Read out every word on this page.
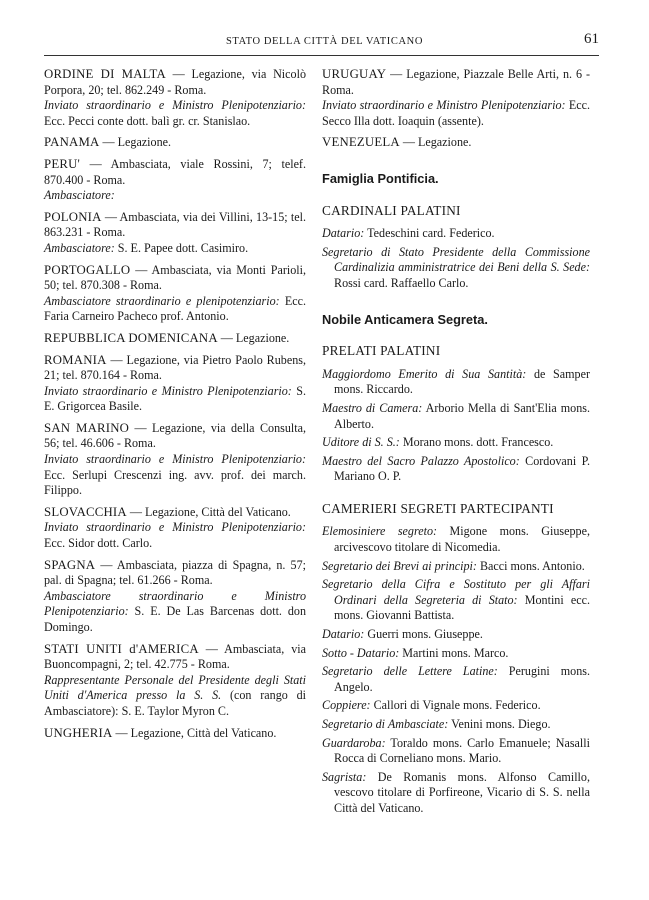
STATO DELLA CITTÀ DEL VATICANO	61
ORDINE DI MALTA — Legazione, via Nicolò Porpora, 20; tel. 862.249 - Roma.
Inviato straordinario e Ministro Plenipotenziario: Ecc. Pecci conte dott. balì gr. cr. Stanislao.
PANAMA — Legazione.
PERU' — Ambasciata, viale Rossini, 7; telef. 870.400 - Roma.
Ambasciatore:
POLONIA — Ambasciata, via dei Villini, 13-15; tel. 863.231 - Roma.
Ambasciatore: S. E. Papee dott. Casimiro.
PORTOGALLO — Ambasciata, via Monti Parioli, 50; tel. 870.308 - Roma.
Ambasciatore straordinario e plenipotenziario: Ecc. Faria Carneiro Pacheco prof. Antonio.
REPUBBLICA DOMENICANA — Legazione.
ROMANIA — Legazione, via Pietro Paolo Rubens, 21; tel. 870.164 - Roma.
Inviato straordinario e Ministro Plenipotenziario: S. E. Grigorcea Basile.
SAN MARINO — Legazione, via della Consulta, 56; tel. 46.606 - Roma.
Inviato straordinario e Ministro Plenipotenziario: Ecc. Serlupi Crescenzi ing. avv. prof. dei march. Filippo.
SLOVACCHIA — Legazione, Città del Vaticano.
Inviato straordinario e Ministro Plenipotenziario: Ecc. Sidor dott. Carlo.
SPAGNA — Ambasciata, piazza di Spagna, n. 57; pal. di Spagna; tel. 61.266 - Roma.
Ambasciatore straordinario e Ministro Plenipotenziario: S. E. De Las Barcenas dott. don Domingo.
STATI UNITI d'AMERICA — Ambasciata, via Buoncompagni, 2; tel. 42.775 - Roma.
Rappresentante Personale del Presidente degli Stati Uniti d'America presso la S. S. (con rango di Ambasciatore): S. E. Taylor Myron C.
UNGHERIA — Legazione, Città del Vaticano.
URUGUAY — Legazione, Piazzale Belle Arti, n. 6 - Roma.
Inviato straordinario e Ministro Plenipotenziario: Ecc. Secco Illa dott. Ioaquin (assente).
VENEZUELA — Legazione.
Famiglia Pontificia.
CARDINALI PALATINI
Datario: Tedeschini card. Federico.
Segretario di Stato Presidente della Commissione Cardinalizia amministratrice dei Beni della S. Sede: Rossi card. Raffaello Carlo.
Nobile Anticamera Segreta.
PRELATI PALATINI
Maggiordomo Emerito di Sua Santità: de Samper mons. Riccardo.
Maestro di Camera: Arborio Mella di Sant'Elia mons. Alberto.
Uditore di S. S.: Morano mons. dott. Francesco.
Maestro del Sacro Palazzo Apostolico: Cordovani P. Mariano O. P.
CAMERIERI SEGRETI PARTECIPANTI
Elemosiniere segreto: Migone mons. Giuseppe, arcivescovo titolare di Nicomedia.
Segretario dei Brevi ai principi: Bacci mons. Antonio.
Segretario della Cifra e Sostituto per gli Affari Ordinari della Segreteria di Stato: Montini ecc. mons. Giovanni Battista.
Datario: Guerri mons. Giuseppe.
Sotto - Datario: Martini mons. Marco.
Segretario delle Lettere Latine: Perugini mons. Angelo.
Coppiere: Callori di Vignale mons. Federico.
Segretario di Ambasciate: Venini mons. Diego.
Guardaroba: Toraldo mons. Carlo Emanuele; Nasalli Rocca di Corneliano mons. Mario.
Sagrista: De Romanis mons. Alfonso Camillo, vescovo titolare di Porfireone, Vicario di S. S. nella Città del Vaticano.
